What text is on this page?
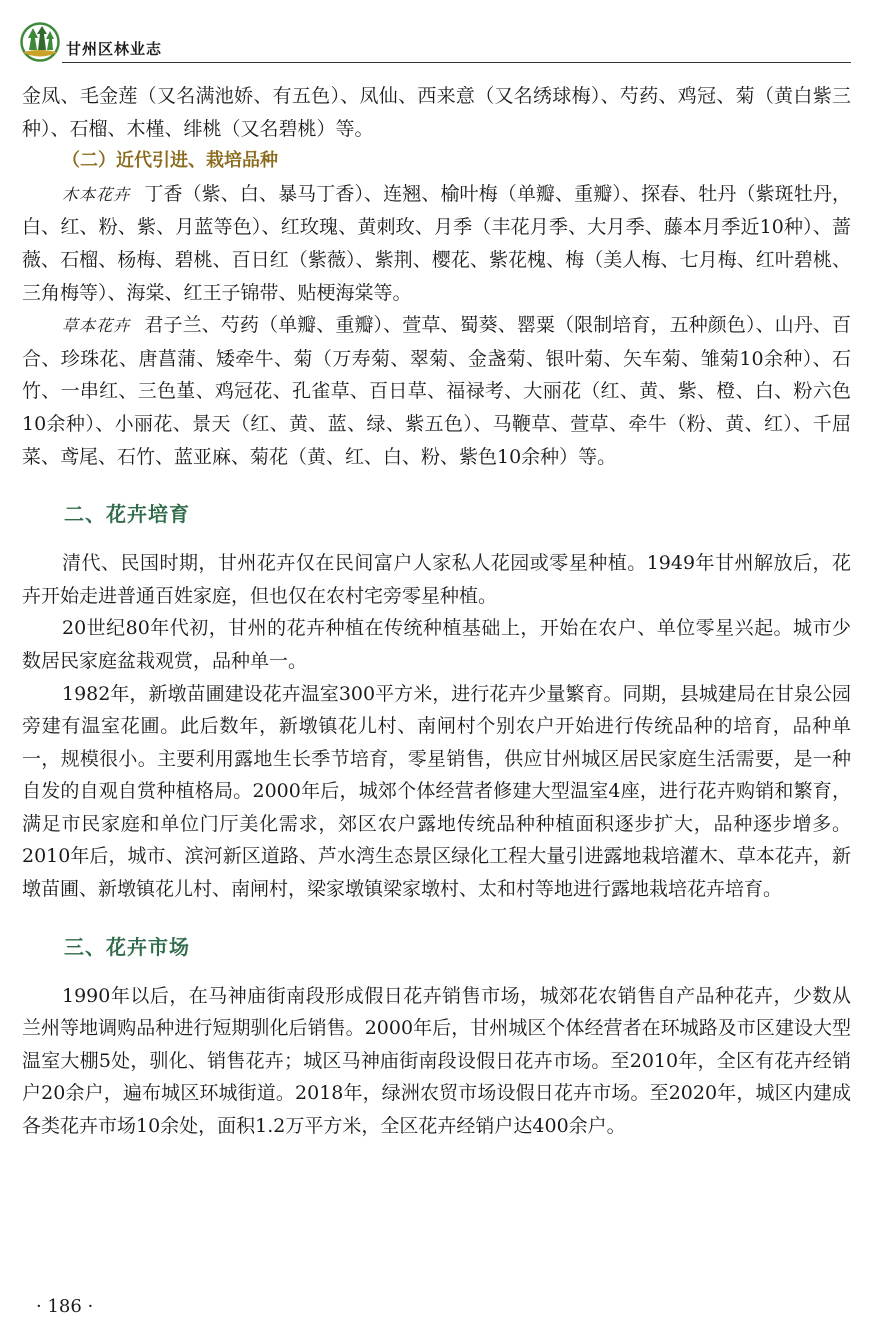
甘州区林业志

金凤、毛金莲（又名满池娇、有五色）、凤仙、西来意（又名绣球梅）、芍药、鸡冠、菊（黄白紫三种）、石榴、木槿、绯桃（又名碧桃）等。

（二）近代引进、栽培品种

木本花卉 丁香（紫、白、暴马丁香）、连翘、榆叶梅（单瓣、重瓣）、探春、牡丹（紫斑牡丹，白、红、粉、紫、月蓝等色）、红玫瑰、黄刺玫、月季（丰花月季、大月季、藤本月季近10种）、蔷薇、石榴、杨梅、碧桃、百日红（紫薇）、紫荆、樱花、紫花槐、梅（美人梅、七月梅、红叶碧桃、三角梅等）、海棠、红王子锦带、贴梗海棠等。

草本花卉 君子兰、芍药（单瓣、重瓣）、萱草、蜀葵、罂粟（限制培育，五种颜色）、山丹、百合、珍珠花、唐菖蒲、矮牵牛、菊（万寿菊、翠菊、金盏菊、银叶菊、矢车菊、雏菊10余种）、石竹、一串红、三色堇、鸡冠花、孔雀草、百日草、福禄考、大丽花（红、黄、紫、橙、白、粉六色10余种）、小丽花、景天（红、黄、蓝、绿、紫五色）、马鞭草、萱草、牵牛（粉、黄、红）、千屈菜、鸢尾、石竹、蓝亚麻、菊花（黄、红、白、粉、紫色10余种）等。

二、花卉培育

清代、民国时期，甘州花卉仅在民间富户人家私人花园或零星种植。1949年甘州解放后，花卉开始走进普通百姓家庭，但也仅在农村宅旁零星种植。

20世纪80年代初，甘州的花卉种植在传统种植基础上，开始在农户、单位零星兴起。城市少数居民家庭盆栽观赏，品种单一。

1982年，新墩苗圃建设花卉温室300平方米，进行花卉少量繁育。同期，县城建局在甘泉公园旁建有温室花圃。此后数年，新墩镇花儿村、南闸村个别农户开始进行传统品种的培育，品种单一，规模很小。主要利用露地生长季节培育，零星销售，供应甘州城区居民家庭生活需要，是一种自发的自观自赏种植格局。2000年后，城郊个体经营者修建大型温室4座，进行花卉购销和繁育，满足市民家庭和单位门厅美化需求，郊区农户露地传统品种种植面积逐步扩大，品种逐步增多。2010年后，城市、滨河新区道路、芦水湾生态景区绿化工程大量引进露地栽培灌木、草本花卉，新墩苗圃、新墩镇花儿村、南闸村，梁家墩镇梁家墩村、太和村等地进行露地栽培花卉培育。

三、花卉市场

1990年以后，在马神庙街南段形成假日花卉销售市场，城郊花农销售自产品种花卉，少数从兰州等地调购品种进行短期驯化后销售。2000年后，甘州城区个体经营者在环城路及市区建设大型温室大棚5处，驯化、销售花卉；城区马神庙街南段设假日花卉市场。至2010年，全区有花卉经销户20余户，遍布城区环城街道。2018年，绿洲农贸市场设假日花卉市场。至2020年，城区内建成各类花卉市场10余处，面积1.2万平方米，全区花卉经销户达400余户。

· 186 ·
